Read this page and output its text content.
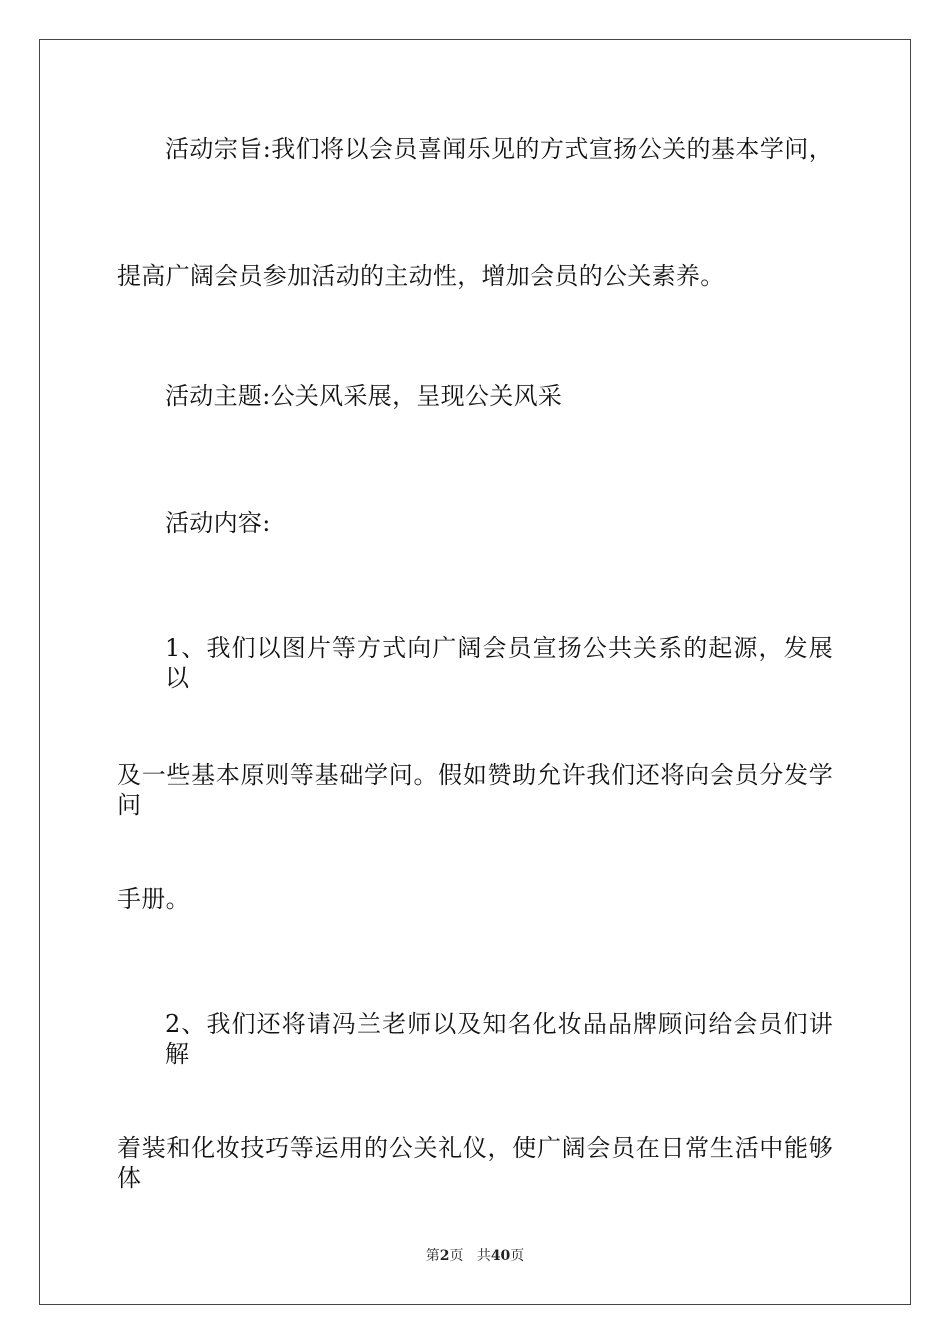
活动宗旨:我们将以会员喜闻乐见的方式宣扬公关的基本学问，
提高广阔会员参加活动的主动性，增加会员的公关素养。
活动主题:公关风采展，呈现公关风采
活动内容:
1、我们以图片等方式向广阔会员宣扬公共关系的起源，发展以
及一些基本原则等基础学问。假如赞助允许我们还将向会员分发学问
手册。
2、我们还将请冯兰老师以及知名化妆品品牌顾问给会员们讲解
着装和化妆技巧等运用的公关礼仪，使广阔会员在日常生活中能够体
第2页 共40页
